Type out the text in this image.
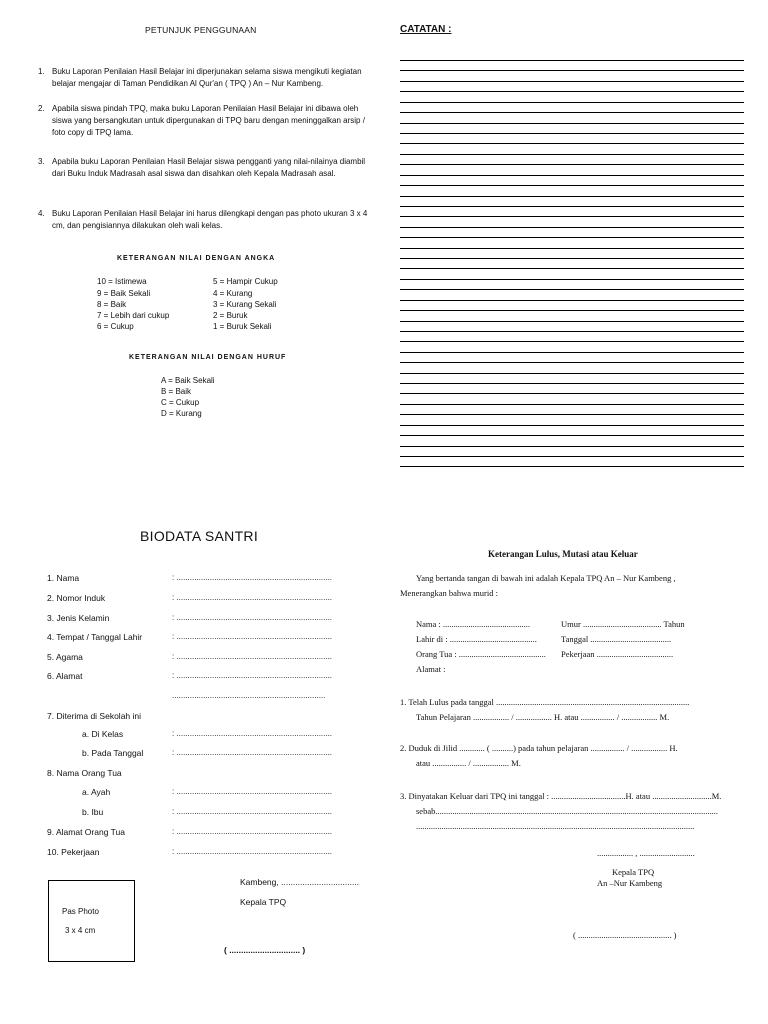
PETUNJUK PENGGUNAAN
1. Buku Laporan Penilaian Hasil Belajar ini diperjunakan selama siswa mengikuti kegiatan belajar mengajar di Taman Pendidikan Al Qur'an ( TPQ ) An – Nur Kambeng.
2. Apabila siswa pindah TPQ, maka buku Laporan Penilaian Hasil Belajar ini dibawa oleh siswa yang bersangkutan untuk dipergunakan di TPQ baru dengan meninggalkan arsip / foto copy di TPQ lama.
3. Apabila buku Laporan Penilaian Hasil Belajar siswa pengganti yang nilai-nilainya diambil dari Buku Induk Madrasah asal siswa dan disahkan oleh Kepala Madrasah asal.
4. Buku Laporan Penilaian Hasil Belajar ini harus dilengkapi dengan pas photo ukuran 3 x 4 cm, dan pengisiannya dilakukan oleh wali kelas.
KETERANGAN NILAI DENGAN ANGKA
10 = Istimewa
9 = Baik Sekali
8 = Baik
7 = Lebih dari cukup
6 = Cukup
5 = Hampir Cukup
4 = Kurang
3 = Kurang Sekali
2 = Buruk
1 = Buruk Sekali
KETERANGAN NILAI DENGAN HURUF
A = Baik Sekali
B = Baik
C = Cukup
D = Kurang
CATATAN :
BIODATA SANTRI
1. Nama	: ......................................................................
2. Nomor Induk	: ......................................................................
3. Jenis Kelamin	: ......................................................................
4. Tempat / Tanggal Lahir	: ......................................................................
5. Agama	: ......................................................................
6. Alamat	: ......................................................................
.....................................................................
7. Diterima di Sekolah ini
a. Di Kelas	: ......................................................................
b. Pada Tanggal	: ......................................................................
8. Nama Orang Tua
a. Ayah	: ......................................................................
b. Ibu	: ......................................................................
9. Alamat Orang Tua	: ......................................................................
10. Pekerjaan	: ......................................................................
Pas Photo
3 x 4 cm
Kambeng, .................................
Kepala TPQ
( .............................. )
Keterangan Lulus, Mutasi atau Keluar
Yang bertanda tangan di bawah ini adalah Kepala TPQ An – Nur Kambeng ,
Menerangkan bahwa murid :
Nama : .........................................	Umur ..................................... Tahun
Lahir di : .........................................	Tanggal ......................................
Orang Tua : ......................................... Pekerjaan ....................................
Alamat :
1. Telah Lulus pada tanggal ...........................................................................................
Tahun Pelajaran ................. / ................. H. atau ................ / ................. M.
2. Duduk di Jilid ............ ( ..........) pada tahun pelajaran ................ / ................. H.
atau ................ / ................. M.
3. Dinyatakan Keluar dari TPQ ini tanggal : ...................................H. atau ............................M.
sebab.....................................................................................................................................
...................................................................................................................................
................. , ..........................
Kepala TPQ
An –Nur Kambeng
( ............................................ )
